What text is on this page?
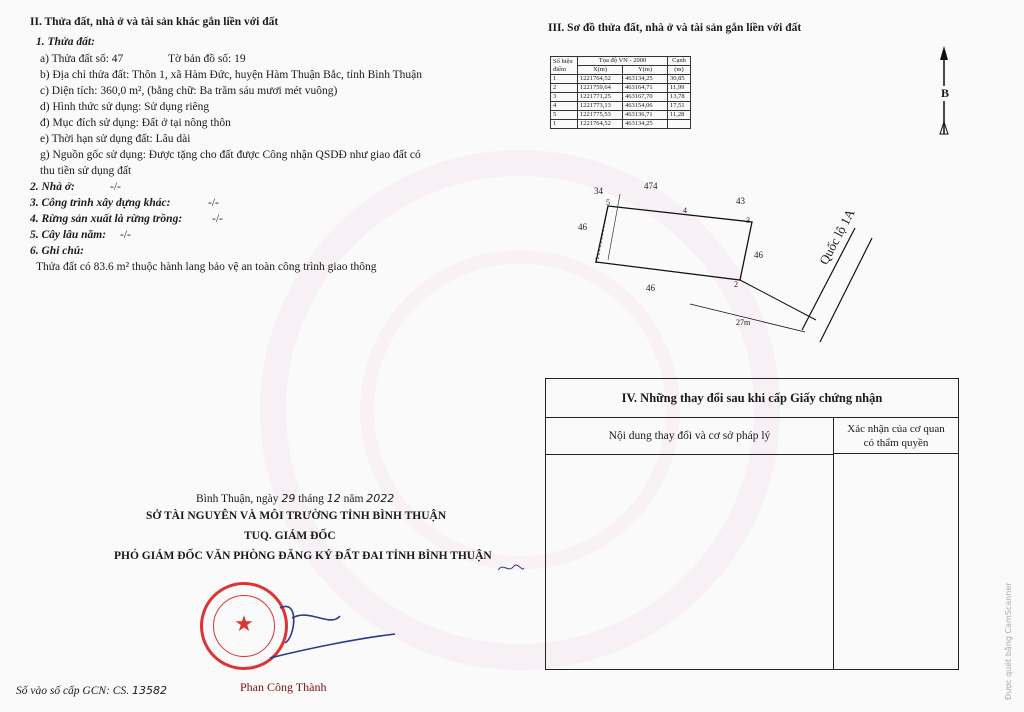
II. Thửa đất, nhà ở và tài sản khác gắn liền với đất
1. Thửa đất:
a) Thửa đất số: 47	Tờ bản đồ số: 19
b) Địa chỉ thửa đất: Thôn 1, xã Hàm Đức, huyện Hàm Thuận Bắc, tỉnh Bình Thuận
c) Diện tích: 360,0 m², (bằng chữ: Ba trăm sáu mươi mét vuông)
d) Hình thức sử dụng: Sử dụng riêng
đ) Mục đích sử dụng: Đất ở tại nông thôn
e) Thời hạn sử dụng đất: Lâu dài
g) Nguồn gốc sử dụng: Được tặng cho đất được Công nhận QSDĐ như giao đất có
thu tiền sử dụng đất
2. Nhà ở:	-/-
3. Công trình xây dựng khác:	-/-
4. Rừng sản xuất là rừng trồng:	-/-
5. Cây lâu năm: -/-
6. Ghi chú:
Thửa đất có 83.6 m² thuộc hành lang bảo vệ an toàn công trình giao thông
III. Sơ đồ thửa đất, nhà ở và tài sản gắn liền với đất
Số hiệu điểm	Tọa độ VN - 2000		Cạnh
	X(m)	Y(m)	(m)
1	1221764,52	463134,25	30,85
2	1221759,64	463164,71	11,99
3	1221771,25	463167,70	13,78
4	1221773,13	463154,06	17,51
5	1221775,53	463136,71	11,28
1	1221764,52	463134,25	
B
34	474
43
46
46
46
1
2
3
4
5
27m
Quốc lộ 1A
IV. Những thay đổi sau khi cấp Giấy chứng nhận
Nội dung thay đổi và cơ sở pháp lý
Xác nhận của cơ quan
có thẩm quyền
Bình Thuận, ngày 29 tháng 12 năm 2022
SỞ TÀI NGUYÊN VÀ MÔI TRƯỜNG TỈNH BÌNH THUẬN
TUQ. GIÁM ĐỐC
PHÓ GIÁM ĐỐC VĂN PHÒNG ĐĂNG KÝ ĐẤT ĐAI TỈNH BÌNH THUẬN
★
Phan Công Thành
Số vào số cấp GCN: CS. 13582	Được quét bằng CamScanner
